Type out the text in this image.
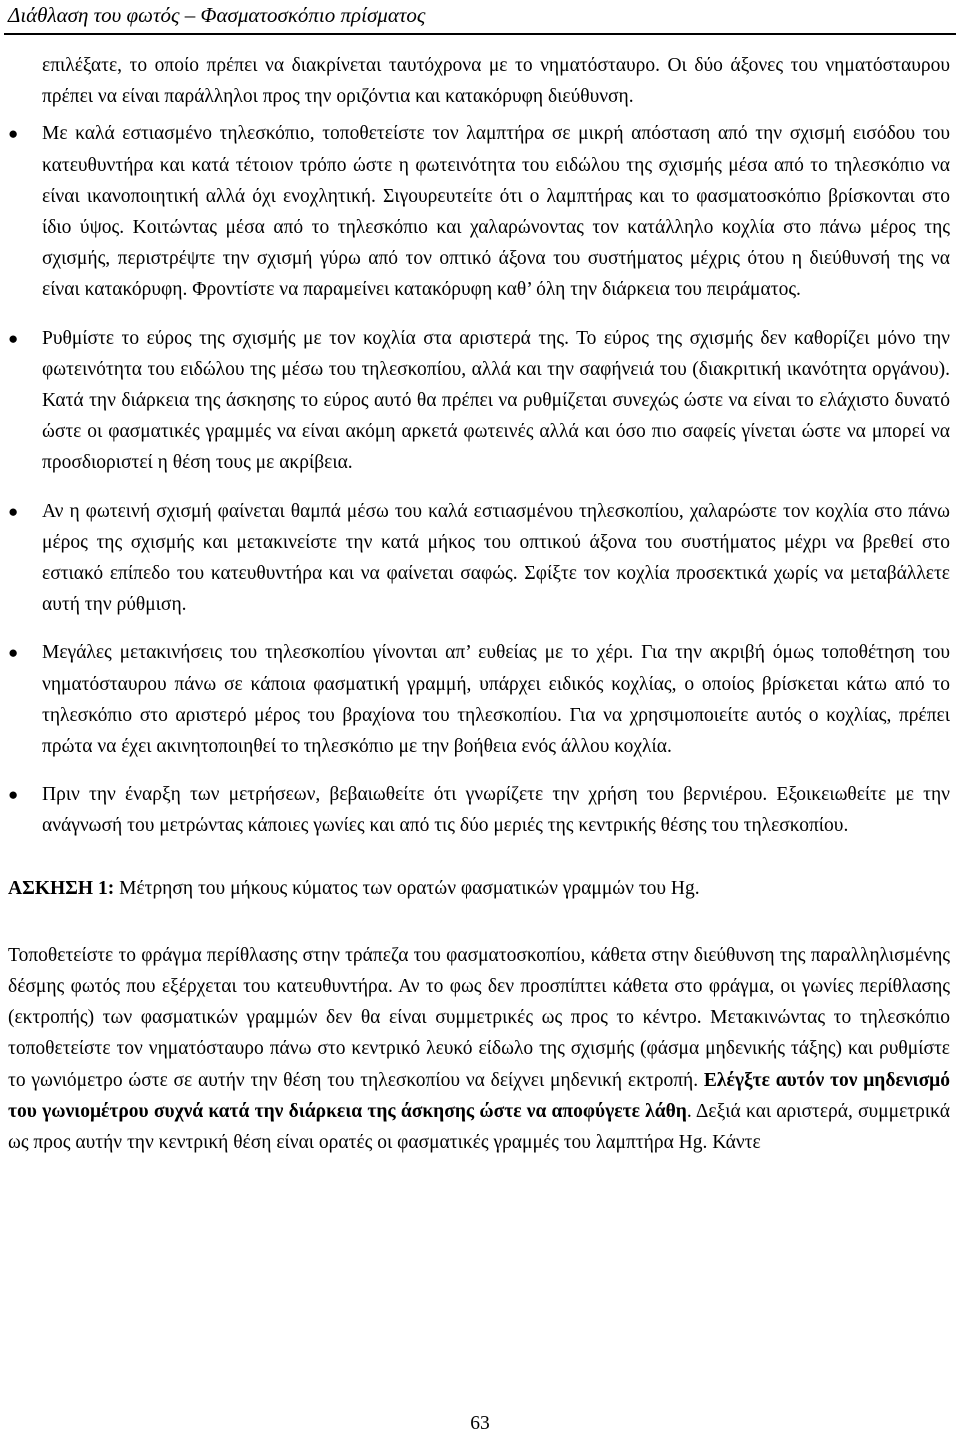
Διάθλαση του φωτός – Φασματοσκόπιο πρίσματος

επιλέξατε, το οποίο πρέπει να διακρίνεται ταυτόχρονα με το νηματόσταυρο. Οι δύο άξονες του νηματόσταυρου πρέπει να είναι παράλληλοι προς την οριζόντια και κατακόρυφη διεύθυνση.

● Με καλά εστιασμένο τηλεσκόπιο, τοποθετείστε τον λαμπτήρα σε μικρή απόσταση από την σχισμή εισόδου του κατευθυντήρα και κατά τέτοιον τρόπο ώστε η φωτεινότητα του ειδώλου της σχισμής μέσα από το τηλεσκόπιο να είναι ικανοποιητική αλλά όχι ενοχλητική. Σιγουρευτείτε ότι ο λαμπτήρας και το φασματοσκόπιο βρίσκονται στο ίδιο ύψος. Κοιτώντας μέσα από το τηλεσκόπιο και χαλαρώνοντας τον κατάλληλο κοχλία στο πάνω μέρος της σχισμής, περιστρέψτε την σχισμή γύρω από τον οπτικό άξονα του συστήματος μέχρις ότου η διεύθυνσή της να είναι κατακόρυφη. Φροντίστε να παραμείνει κατακόρυφη καθ’ όλη την διάρκεια του πειράματος.
● Ρυθμίστε το εύρος της σχισμής με τον κοχλία στα αριστερά της. Το εύρος της σχισμής δεν καθορίζει μόνο την φωτεινότητα του ειδώλου της μέσω του τηλεσκοπίου, αλλά και την σαφήνειά του (διακριτική ικανότητα οργάνου). Κατά την διάρκεια της άσκησης το εύρος αυτό θα πρέπει να ρυθμίζεται συνεχώς ώστε να είναι το ελάχιστο δυνατό ώστε οι φασματικές γραμμές να είναι ακόμη αρκετά φωτεινές αλλά και όσο πιο σαφείς γίνεται ώστε να μπορεί να προσδιοριστεί η θέση τους με ακρίβεια.
● Αν η φωτεινή σχισμή φαίνεται θαμπά μέσω του καλά εστιασμένου τηλεσκοπίου, χαλαρώστε τον κοχλία στο πάνω μέρος της σχισμής και μετακινείστε την κατά μήκος του οπτικού άξονα του συστήματος μέχρι να βρεθεί στο εστιακό επίπεδο του κατευθυντήρα και να φαίνεται σαφώς. Σφίξτε τον κοχλία προσεκτικά χωρίς να μεταβάλλετε αυτή την ρύθμιση.
● Μεγάλες μετακινήσεις του τηλεσκοπίου γίνονται απ’ ευθείας με το χέρι. Για την ακριβή όμως τοποθέτηση του νηματόσταυρου πάνω σε κάποια φασματική γραμμή, υπάρχει ειδικός κοχλίας, ο οποίος βρίσκεται κάτω από το τηλεσκόπιο στο αριστερό μέρος του βραχίονα του τηλεσκοπίου. Για να χρησιμοποιείτε αυτός ο κοχλίας, πρέπει πρώτα να έχει ακινητοποιηθεί το τηλεσκόπιο με την βοήθεια ενός άλλου κοχλία.
● Πριν την έναρξη των μετρήσεων, βεβαιωθείτε ότι γνωρίζετε την χρήση του βερνιέρου. Εξοικειωθείτε με την ανάγνωσή του μετρώντας κάποιες γωνίες και από τις δύο μεριές της κεντρικής θέσης του τηλεσκοπίου.

ΑΣΚΗΣΗ 1: Μέτρηση του μήκους κύματος των ορατών φασματικών γραμμών του Hg.

Τοποθετείστε το φράγμα περίθλασης στην τράπεζα του φασματοσκοπίου, κάθετα στην διεύθυνση της παραλληλισμένης δέσμης φωτός που εξέρχεται του κατευθυντήρα. Αν το φως δεν προσπίπτει κάθετα στο φράγμα, οι γωνίες περίθλασης (εκτροπής) των φασματικών γραμμών δεν θα είναι συμμετρικές ως προς το κέντρο. Μετακινώντας το τηλεσκόπιο τοποθετείστε τον νηματόσταυρο πάνω στο κεντρικό λευκό είδωλο της σχισμής (φάσμα μηδενικής τάξης) και ρυθμίστε το γωνιόμετρο ώστε σε αυτήν την θέση του τηλεσκοπίου να δείχνει μηδενική εκτροπή. Ελέγξτε αυτόν τον μηδενισμό του γωνιομέτρου συχνά κατά την διάρκεια της άσκησης ώστε να αποφύγετε λάθη. Δεξιά και αριστερά, συμμετρικά ως προς αυτήν την κεντρική θέση είναι ορατές οι φασματικές γραμμές του λαμπτήρα Hg. Κάντε

63
